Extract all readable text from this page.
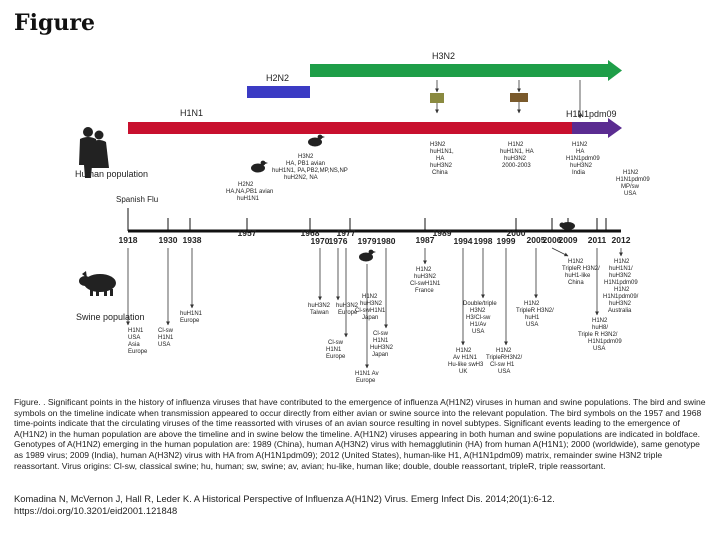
Figure
H1N1
H2N2
H3N2
H1N1pdm09
1918 1930 1938
1957	1968 1977
1987
1989	2000
2005
2006
2009 2011 2012
1970 1976 1979 1980	1994 1998 1999
Human population
Swine population
Spanish Flu
H2N2 HA,NA,PB1 avian huH1N1
H3N2 HA, PB1 avian huH1N1, PA,PB2,MP,NS,NP huH2N2, NA
H3N2 huH1N1, HA huH3N2 China
H1N2 huH1N1, HA huH3N2 2000-2003
H1N2 HA H1N1pdm09 huH3N2 India	H1N2 H1N1pdm09 MP/sw USA
H1N1 USA Asia Europe
Cl-sw H1N1 USA
huH1N1 Europe
huH3N2 Taiwan
huH3N2 Europe
Cl-sw H1N1 Europe
H1N1 Av Europe
H1N2 huH3N2 Cl-swH1N1 Japan
Cl-sw H1N1 HuH3N2 Japan
H1N2 huH3N2 Cl-swH1N1 France
Double/triple H3N2 H3/Cl-sw H1/Av USA
H1N2 Av H1N1 Hu-like swH3 UK
H1N2 TripleRH3N2/ Cl-sw H1 USA
H1N2 TripleR H3N2/ huH1 USA
H1N2 TripleR H3N2/ huH1-like China
H1N2 huH1N1/ huH3N2 H1N1pdm09 H1N2 H1N1pdm09/ huH3N2 Australia
H1N2 huH8/ Triple R H3N2/ H1N1pdm09 USA
Figure. . Significant points in the history of influenza viruses that have contributed to the emergence of influenza A(H1N2) viruses in human and swine populations. The bird and swine symbols on the timeline indicate when transmission appeared to occur directly from either avian or swine source into the relevant population. The bird symbols on the 1957 and 1968 time-points indicate that the circulating viruses of the time reassorted with viruses of an avian source resulting in novel subtypes. Significant events leading to the emergence of A(H1N2) in the human population are above the timeline and in swine below the timeline. A(H1N2) viruses appearing in both human and swine populations are indicated in boldface. Genotypes of A(H1N2) emerging in the human population are: 1989 (China), human A(H3N2) virus with hemagglutinin (HA) from human A(H1N1); 2000 (worldwide), same genotype as 1989 virus; 2009 (India), human A(H3N2) virus with HA from A(H1N1pdm09); 2012 (United States), human-like H1, A(H1N1pdm09) matrix, remainder swine H3N2 triple reassortant. Virus origins: Cl-sw, classical swine; hu, human; sw, swine; av, avian; hu-like, human like; double, double reassortant, tripleR, triple reassortant.
Komadina N, McVernon J, Hall R, Leder K. A Historical Perspective of Influenza A(H1N2) Virus. Emerg Infect Dis. 2014;20(1):6-12. https://doi.org/10.3201/eid2001.121848
